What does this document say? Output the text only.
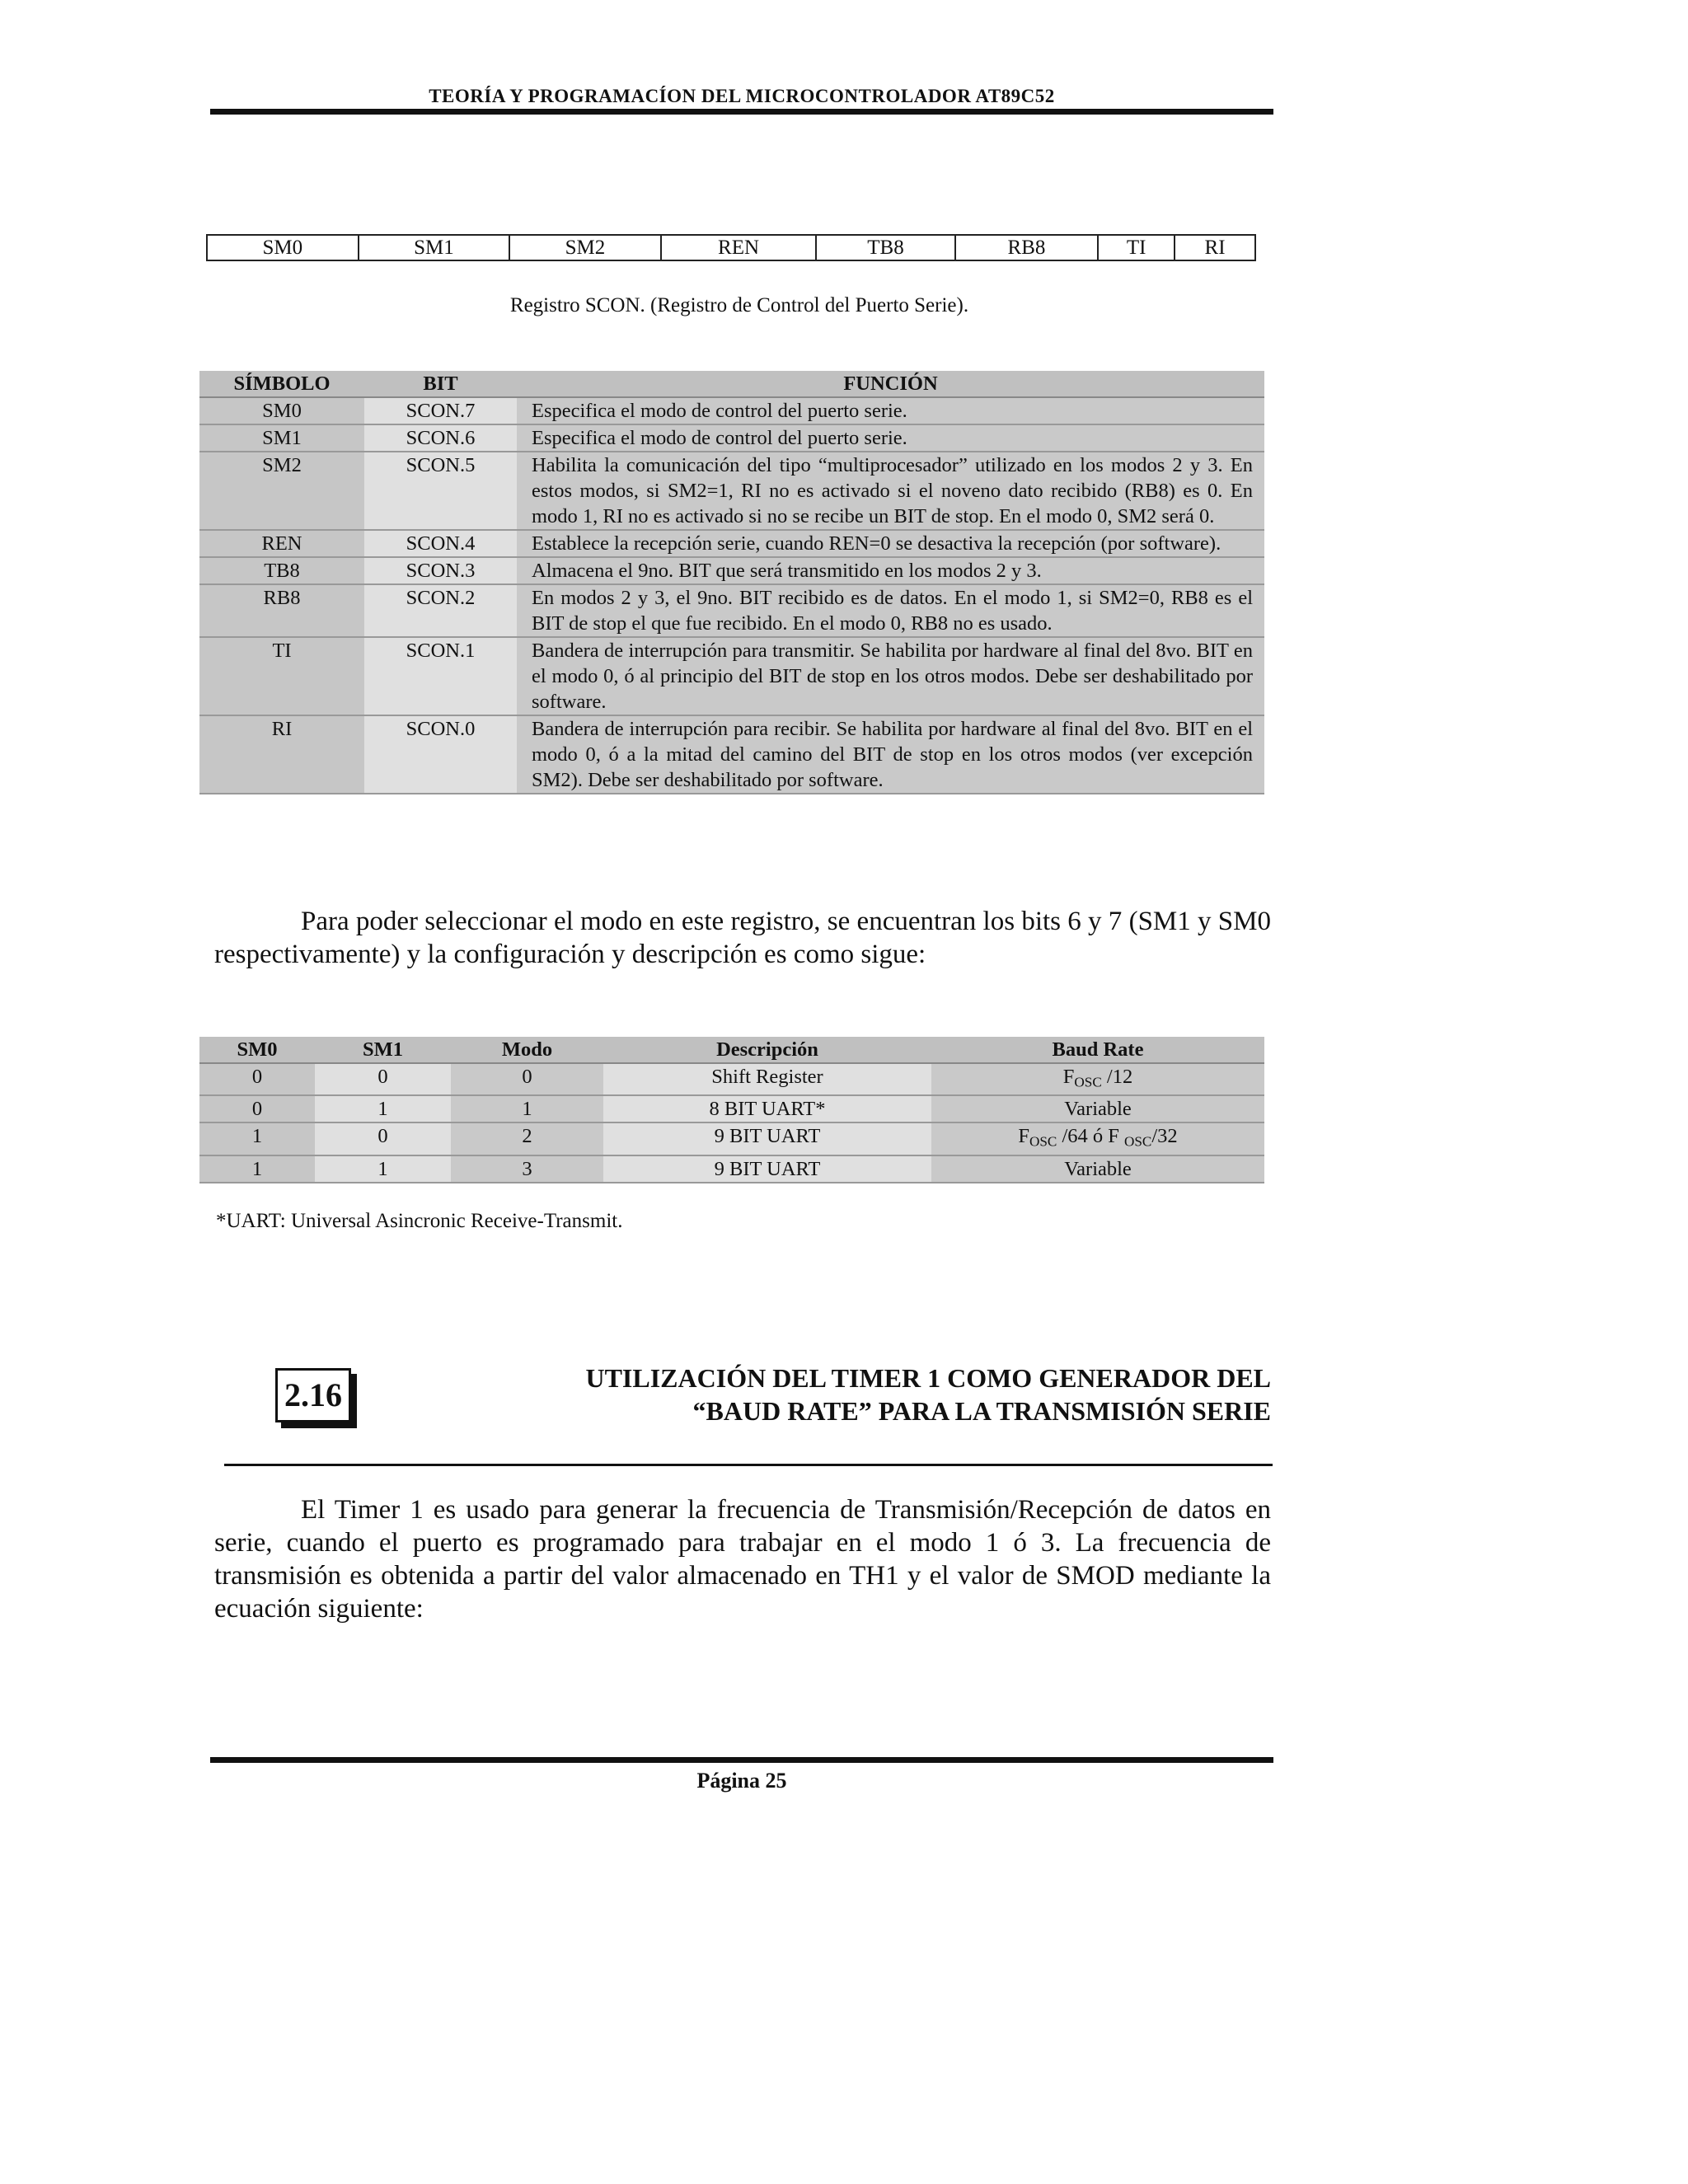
TEORÍA Y PROGRAMACÍON DEL MICROCONTROLADOR AT89C52
SM0	SM1	SM2	REN	TB8	RB8	TI	RI
Registro SCON. (Registro de Control del Puerto Serie).
SÍMBOLO	BIT	FUNCIÓN
SM0	SCON.7	Especifica el modo de control del puerto serie.
SM1	SCON.6	Especifica el modo de control del puerto serie.
SM2	SCON.5	Habilita la comunicación del tipo “multiprocesador” utilizado en los modos 2 y 3. En estos modos, si SM2=1, RI no es activado si el noveno dato recibido (RB8) es 0. En modo 1, RI no es activado si no se recibe un BIT de stop. En el modo 0, SM2 será 0.
REN	SCON.4	Establece la recepción serie, cuando REN=0 se desactiva la recepción (por software).
TB8	SCON.3	Almacena el 9no. BIT que será transmitido en los modos 2 y 3.
RB8	SCON.2	En modos 2 y 3, el 9no. BIT recibido es de datos. En el modo 1, si SM2=0, RB8 es el BIT de stop el que fue recibido. En el modo 0, RB8 no es usado.
TI	SCON.1	Bandera de interrupción para transmitir. Se habilita por hardware al final del 8vo. BIT en el modo 0, ó al principio del BIT de stop en los otros modos. Debe ser deshabilitado por software.
RI	SCON.0	Bandera de interrupción para recibir. Se habilita por hardware al final del 8vo. BIT en el modo 0, ó a la mitad del camino del BIT de stop en los otros modos (ver excepción SM2). Debe ser deshabilitado por software.
Para poder seleccionar el modo en este registro, se encuentran los bits 6 y 7 (SM1 y SM0 respectivamente) y la configuración y descripción es como sigue:
SM0	SM1	Modo	Descripción	Baud Rate
0	0	0	Shift Register	$F_{OSC}$ /12
0	1	1	8 BIT UART*	Variable
1	0	2	9 BIT UART	$F_{OSC}$ /64 ó F $_{OSC}$/32
1	1	3	9 BIT UART	Variable
*UART: Universal Asincronic Receive-Transmit.
2.16	UTILIZACIÓN DEL TIMER 1 COMO GENERADOR DEL
“BAUD RATE” PARA LA TRANSMISIÓN SERIE
El Timer 1 es usado para generar la frecuencia de Transmisión/Recepción de datos en serie, cuando el puerto es programado para trabajar en el modo 1 ó 3. La frecuencia de transmisión es obtenida a partir del valor almacenado en TH1 y el valor de SMOD mediante la ecuación siguiente:
Página 25
